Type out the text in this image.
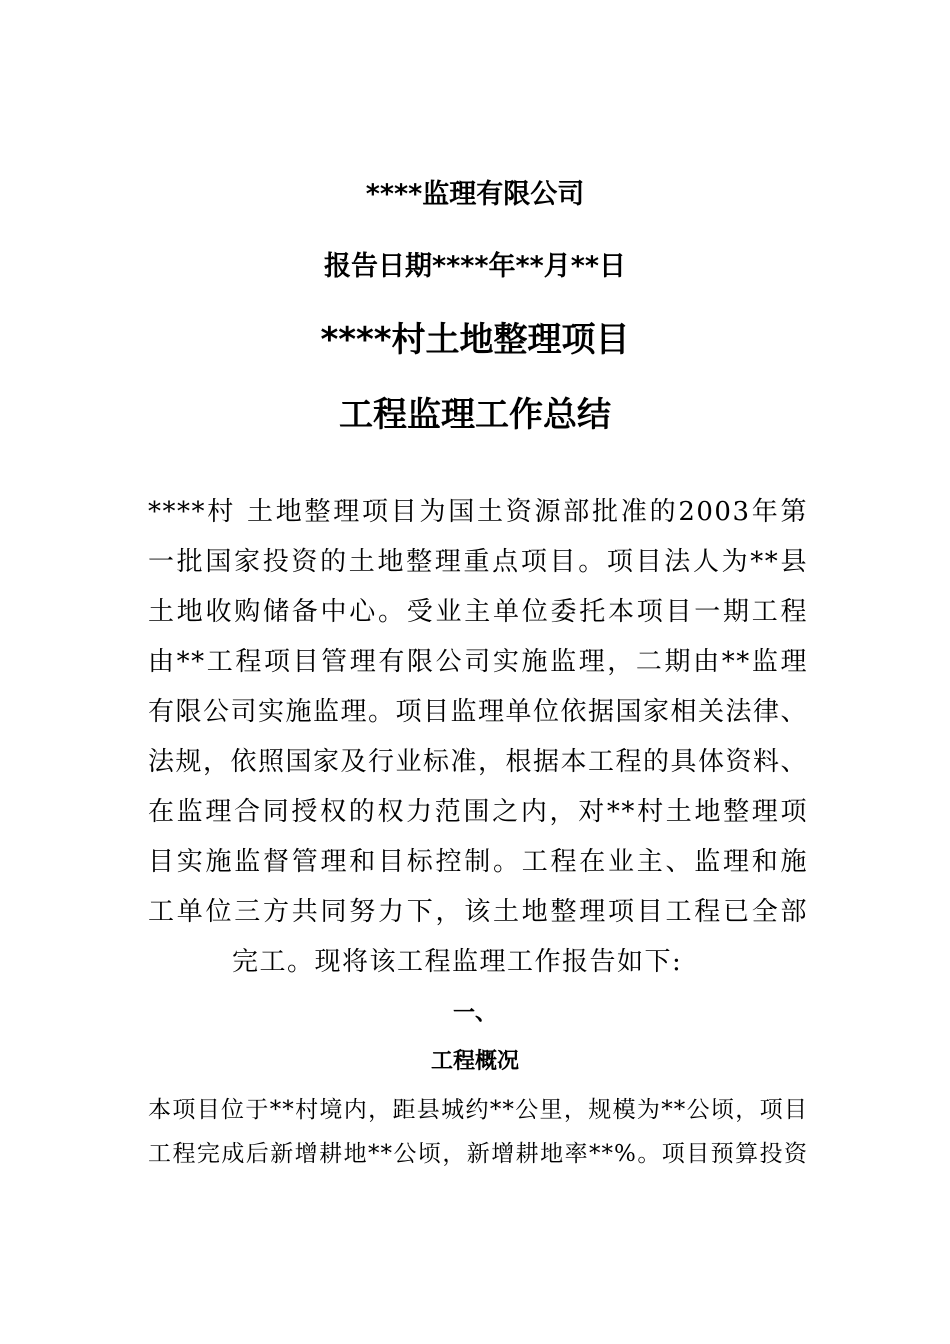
****监理有限公司
报告日期****年**月**日
****村土地整理项目
工程监理工作总结
****村 土地整理项目为国土资源部批准的2003年第
一批国家投资的土地整理重点项目。项目法人为**县
土地收购储备中心。受业主单位委托本项目一期工程
由**工程项目管理有限公司实施监理，二期由**监理
有限公司实施监理。项目监理单位依据国家相关法律、
法规，依照国家及行业标准，根据本工程的具体资料、
在监理合同授权的权力范围之内，对**村土地整理项
目实施监督管理和目标控制。工程在业主、监理和施
工单位三方共同努力下，该土地整理项目工程已全部
完工。现将该工程监理工作报告如下:
一、
工程概况
本项目位于**村境内，距县城约**公里，规模为**公顷，项目
工程完成后新增耕地**公顷，新增耕地率**%。项目预算投资
